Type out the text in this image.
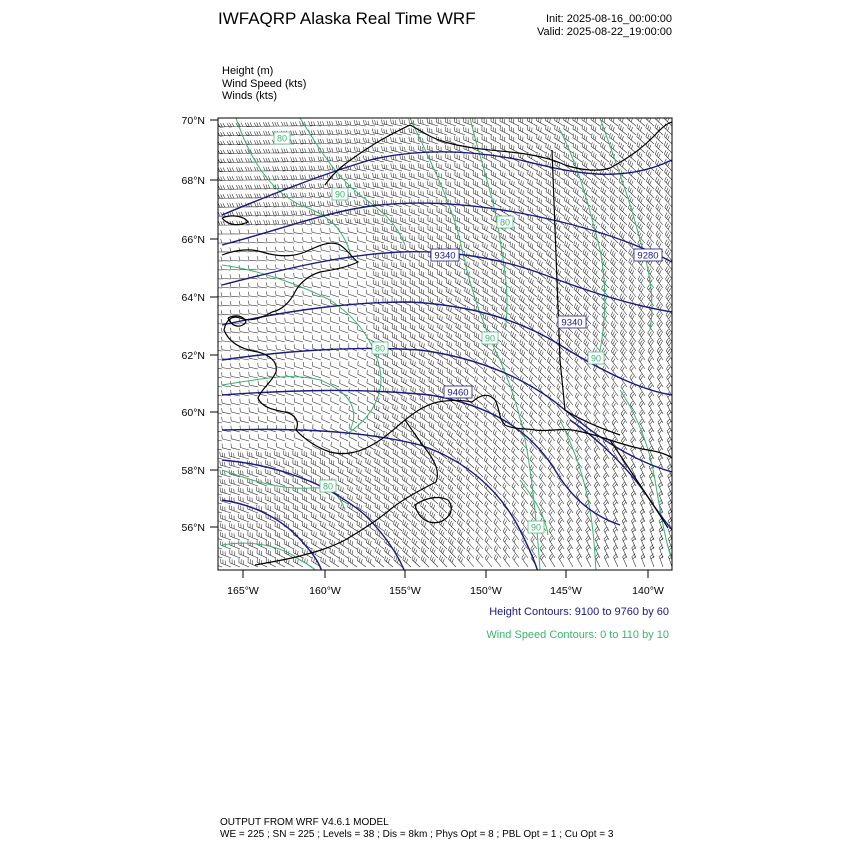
IWFAQRP Alaska Real Time WRF	Init: 2025-08-16_00:00:00
Valid: 2025-08-22_19:00:00
Height (m)
Wind Speed (kts)
Winds (kts)
9340	9280
9340
9460
80
90
80
80
90
90
80
90
70°N
68°N
66°N
64°N
62°N
60°N
58°N
56°N
165°W	160°W	155°W	150°W	145°W	140°W
Height Contours: 9100 to 9760 by 60
Wind Speed Contours: 0 to 110 by 10
OUTPUT FROM WRF V4.6.1 MODEL
WE = 225 ; SN = 225 ; Levels = 38 ; Dis = 8km ; Phys Opt = 8 ; PBL Opt = 1 ; Cu Opt = 3
